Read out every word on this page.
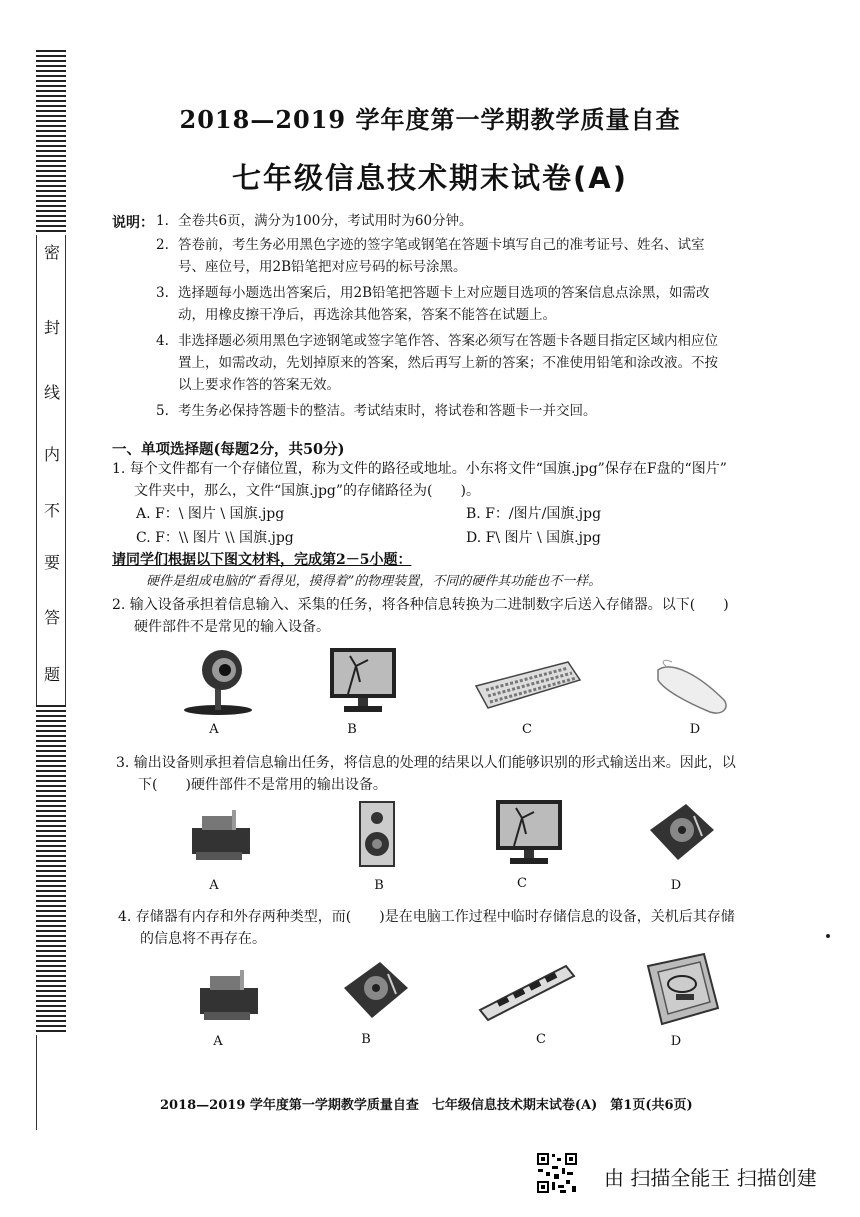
密
封
线
内
不
要
答
题
2018—2019 学年度第一学期教学质量自查
七年级信息技术期末试卷(A)
说明： 1. 全卷共6页，满分为100分，考试用时为60分钟。
2. 答卷前，考生务必用黑色字迹的签字笔或钢笔在答题卡填写自己的准考证号、姓名、试室
号、座位号，用2B铅笔把对应号码的标号涂黑。
3. 选择题每小题选出答案后，用2B铅笔把答题卡上对应题目选项的答案信息点涂黑，如需改
动，用橡皮擦干净后，再选涂其他答案，答案不能答在试题上。
4. 非选择题必须用黑色字迹钢笔或签字笔作答、答案必须写在答题卡各题目指定区域内相应位
置上，如需改动，先划掉原来的答案，然后再写上新的答案；不准使用铅笔和涂改液。不按
以上要求作答的答案无效。
5. 考生务必保持答题卡的整洁。考试结束时，将试卷和答题卡一并交回。
一、单项选择题(每题2分，共50分)
1. 每个文件都有一个存储位置，称为文件的路径或地址。小东将文件“国旗.jpg”保存在F盘的“图片”
文件夹中，那么，文件“国旗.jpg”的存储路径为(　　)。
A. F：\ 图片 \ 国旗.jpg	B. F：/图片/国旗.jpg
C. F：\\ 图片 \\ 国旗.jpg	D. F\ 图片 \ 国旗.jpg
请同学们根据以下图文材料，完成第2－5小题：
硬件是组成电脑的“看得见，摸得着”的物理装置，不同的硬件其功能也不一样。
2. 输入设备承担着信息输入、采集的任务，将各种信息转换为二进制数字后送入存储器。以下(　　)
硬件部件不是常见的输入设备。
A	B	C	D
3. 输出设备则承担着信息输出任务，将信息的处理的结果以人们能够识别的形式输送出来。因此，以
下(　　)硬件部件不是常用的输出设备。
A	B	C	D
4. 存储器有内存和外存两种类型，而(　　)是在电脑工作过程中临时存储信息的设备，关机后其存储
的信息将不再存在。
A	B	C	D
2018—2019 学年度第一学期教学质量自查　七年级信息技术期末试卷(A)　第1页(共6页)
由 扫描全能王 扫描创建
